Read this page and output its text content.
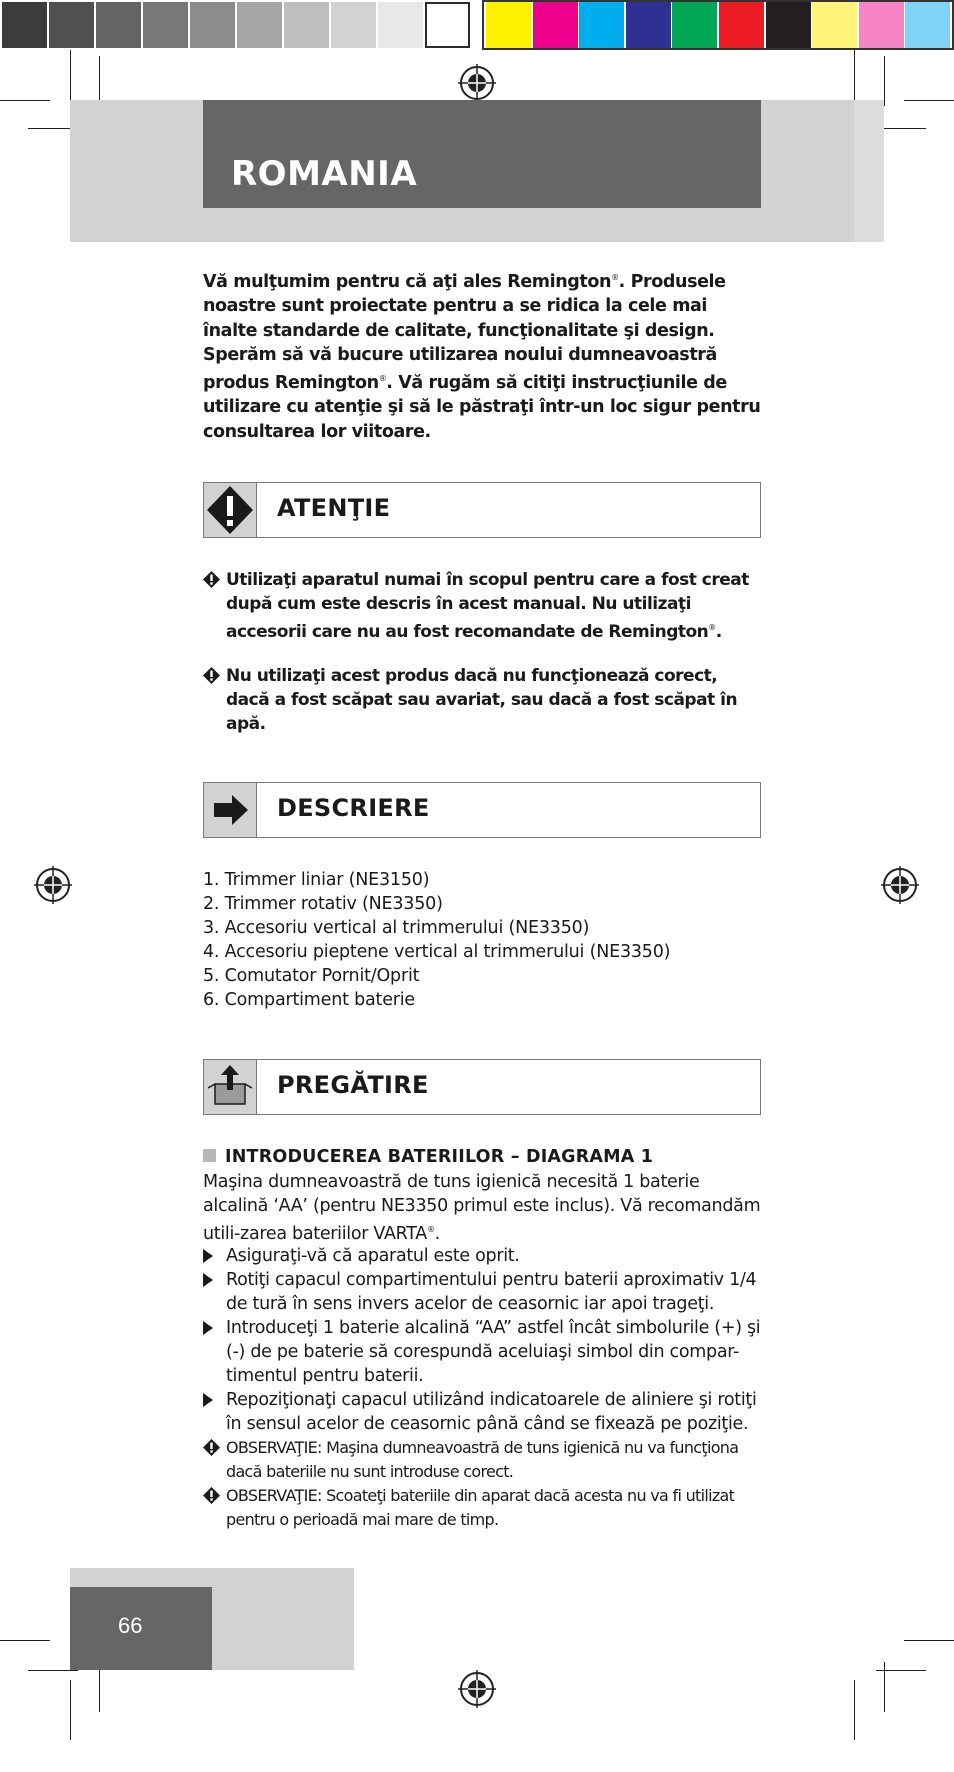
ROMANIA

Vă mulţumim pentru că aţi ales Remington®. Produsele noastre sunt proiectate pentru a se ridica la cele mai înalte standarde de calitate, funcţionalitate şi design. Sperăm să vă bucure utilizarea noului dumneavoastră produs Remington®. Vă rugăm să citiţi instrucţiunile de utilizare cu atenţie şi să le păstraţi într-un loc sigur pentru consultarea lor viitoare.

ATENŢIE
Utilizaţi aparatul numai în scopul pentru care a fost creat după cum este descris în acest manual. Nu utilizaţi accesorii care nu au fost recomandate de Remington®.
Nu utilizaţi acest produs dacă nu funcţionează corect, dacă a fost scăpat sau avariat, sau dacă a fost scăpat în apă.
DESCRIERE
1. Trimmer liniar (NE3150)
2. Trimmer rotativ (NE3350)
3. Accesoriu vertical al trimmerului (NE3350)
4. Accesoriu pieptene vertical al trimmerului (NE3350)
5. Comutator Pornit/Oprit
6. Compartiment baterie
PREGĂTIRE
INTRODUCEREA BATERIILOR – DIAGRAMA 1

Maşina dumneavoastră de tuns igienică necesită 1 baterie alcalină ‘AA’ (pentru NE3350 primul este inclus). Vă recomandăm utili-zarea bateriilor VARTA®.

Asiguraţi-vă că aparatul este oprit.
Rotiţi capacul compartimentului pentru baterii aproximativ 1/4 de tură în sens invers acelor de ceasornic iar apoi trageţi.
Introduceţi 1 baterie alcalină “AA” astfel încât simbolurile (+) şi (-) de pe baterie să corespundă aceluiaşi simbol din compar-timentul pentru baterii.
Repoziţionaţi capacul utilizând indicatoarele de aliniere şi rotiţi în sensul acelor de ceasornic până când se fixează pe poziţie.
OBSERVAŢIE: Maşina dumneavoastră de tuns igienică nu va funcţiona dacă bateriile nu sunt introduse corect.
OBSERVAŢIE: Scoateţi bateriile din aparat dacă acesta nu va fi utilizat pentru o perioadă mai mare de timp.
66
